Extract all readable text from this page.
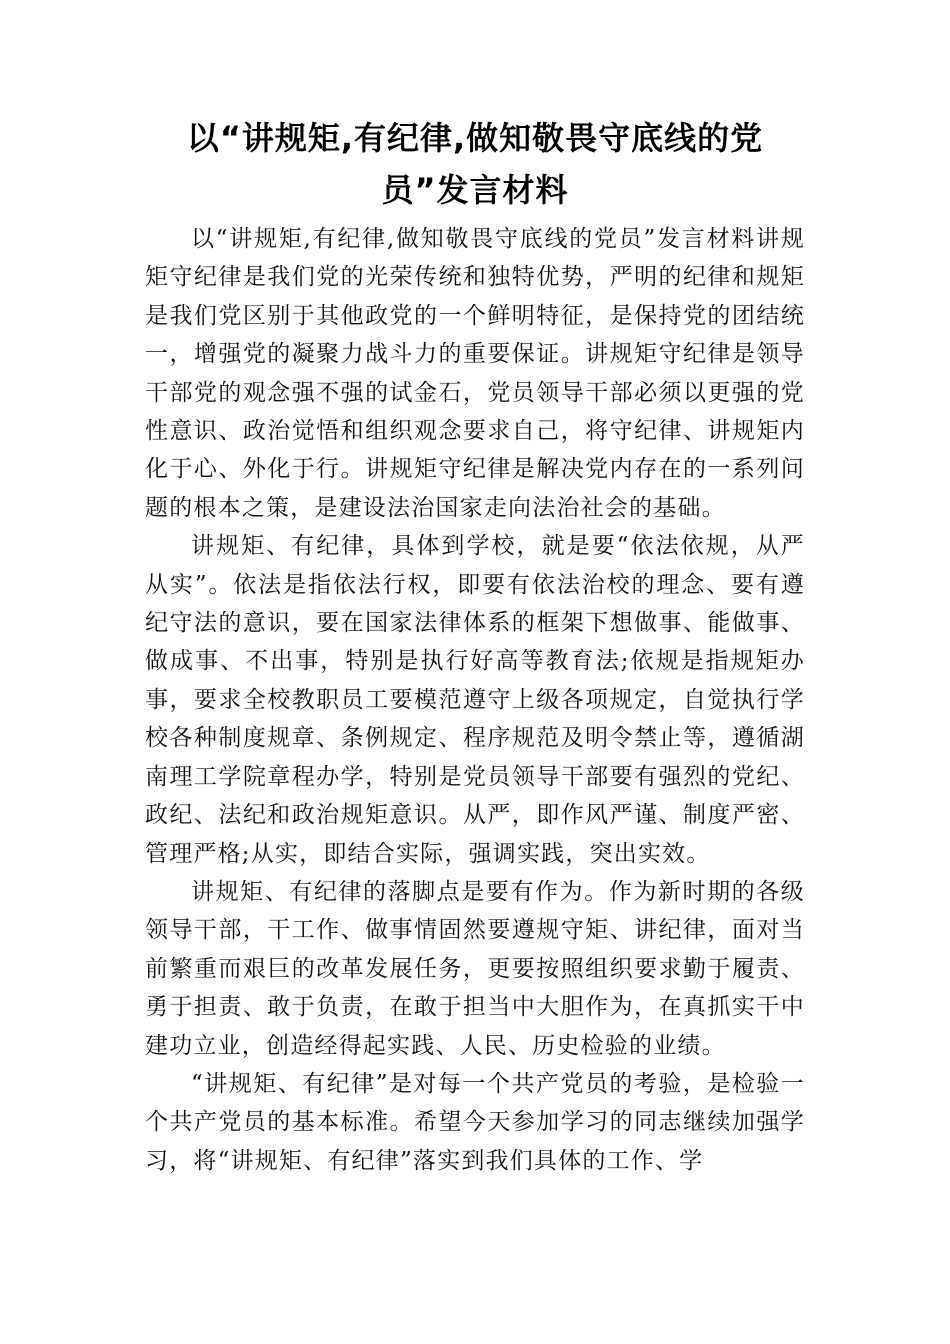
以“讲规矩,有纪律,做知敬畏守底线的党员”发言材料

以“讲规矩,有纪律,做知敬畏守底线的党员”发言材料讲规矩守纪律是我们党的光荣传统和独特优势，严明的纪律和规矩是我们党区别于其他政党的一个鲜明特征，是保持党的团结统一，增强党的凝聚力战斗力的重要保证。讲规矩守纪律是领导干部党的观念强不强的试金石，党员领导干部必须以更强的党性意识、政治觉悟和组织观念要求自己，将守纪律、讲规矩内化于心、外化于行。讲规矩守纪律是解决党内存在的一系列问题的根本之策，是建设法治国家走向法治社会的基础。

讲规矩、有纪律，具体到学校，就是要“依法依规，从严从实”。依法是指依法行权，即要有依法治校的理念、要有遵纪守法的意识，要在国家法律体系的框架下想做事、能做事、做成事、不出事，特别是执行好高等教育法;依规是指规矩办事，要求全校教职员工要模范遵守上级各项规定，自觉执行学校各种制度规章、条例规定、程序规范及明令禁止等，遵循湖南理工学院章程办学，特别是党员领导干部要有强烈的党纪、政纪、法纪和政治规矩意识。从严，即作风严谨、制度严密、管理严格;从实，即结合实际，强调实践，突出实效。

讲规矩、有纪律的落脚点是要有作为。作为新时期的各级领导干部，干工作、做事情固然要遵规守矩、讲纪律，面对当前繁重而艰巨的改革发展任务，更要按照组织要求勤于履责、勇于担责、敢于负责，在敢于担当中大胆作为，在真抓实干中建功立业，创造经得起实践、人民、历史检验的业绩。

“讲规矩、有纪律”是对每一个共产党员的考验，是检验一个共产党员的基本标准。希望今天参加学习的同志继续加强学习，将“讲规矩、有纪律”落实到我们具体的工作、学
